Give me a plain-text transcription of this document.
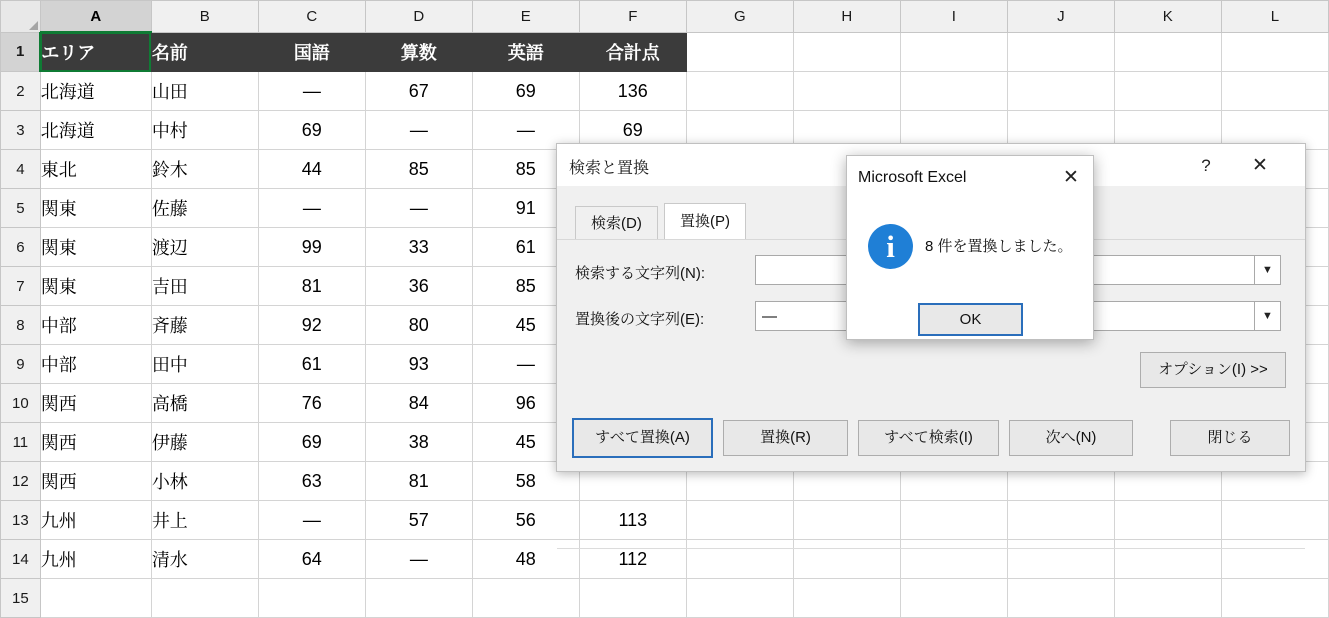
	A	B	C	D	E	F	G	H	I	J	K	L
1	エリア	名前	国語	算数	英語	合計点						
2	北海道	山田	—	67	69	136						
3	北海道	中村	69	—	—	69						
4	東北	鈴木	44	85	85							
5	関東	佐藤	—	—	91							
6	関東	渡辺	99	33	61							
7	関東	吉田	81	36	85							
8	中部	斉藤	92	80	45							
9	中部	田中	61	93	—							
10	関西	高橋	76	84	96							
11	関西	伊藤	69	38	45							
12	関西	小林	63	81	58							
13	九州	井上	—	57	56	113						
14	九州	清水	64	—	48	112						
15												
検索と置換	?	✕
検索(D)	置換(P)
検索する文字列(N):	▼
置換後の文字列(E):	—	▼
オプション(I) >>
すべて置換(A)	置換(R)	すべて検索(I)	次へ(N)	閉じる
Microsoft Excel	✕
i	8 件を置換しました。
OK
